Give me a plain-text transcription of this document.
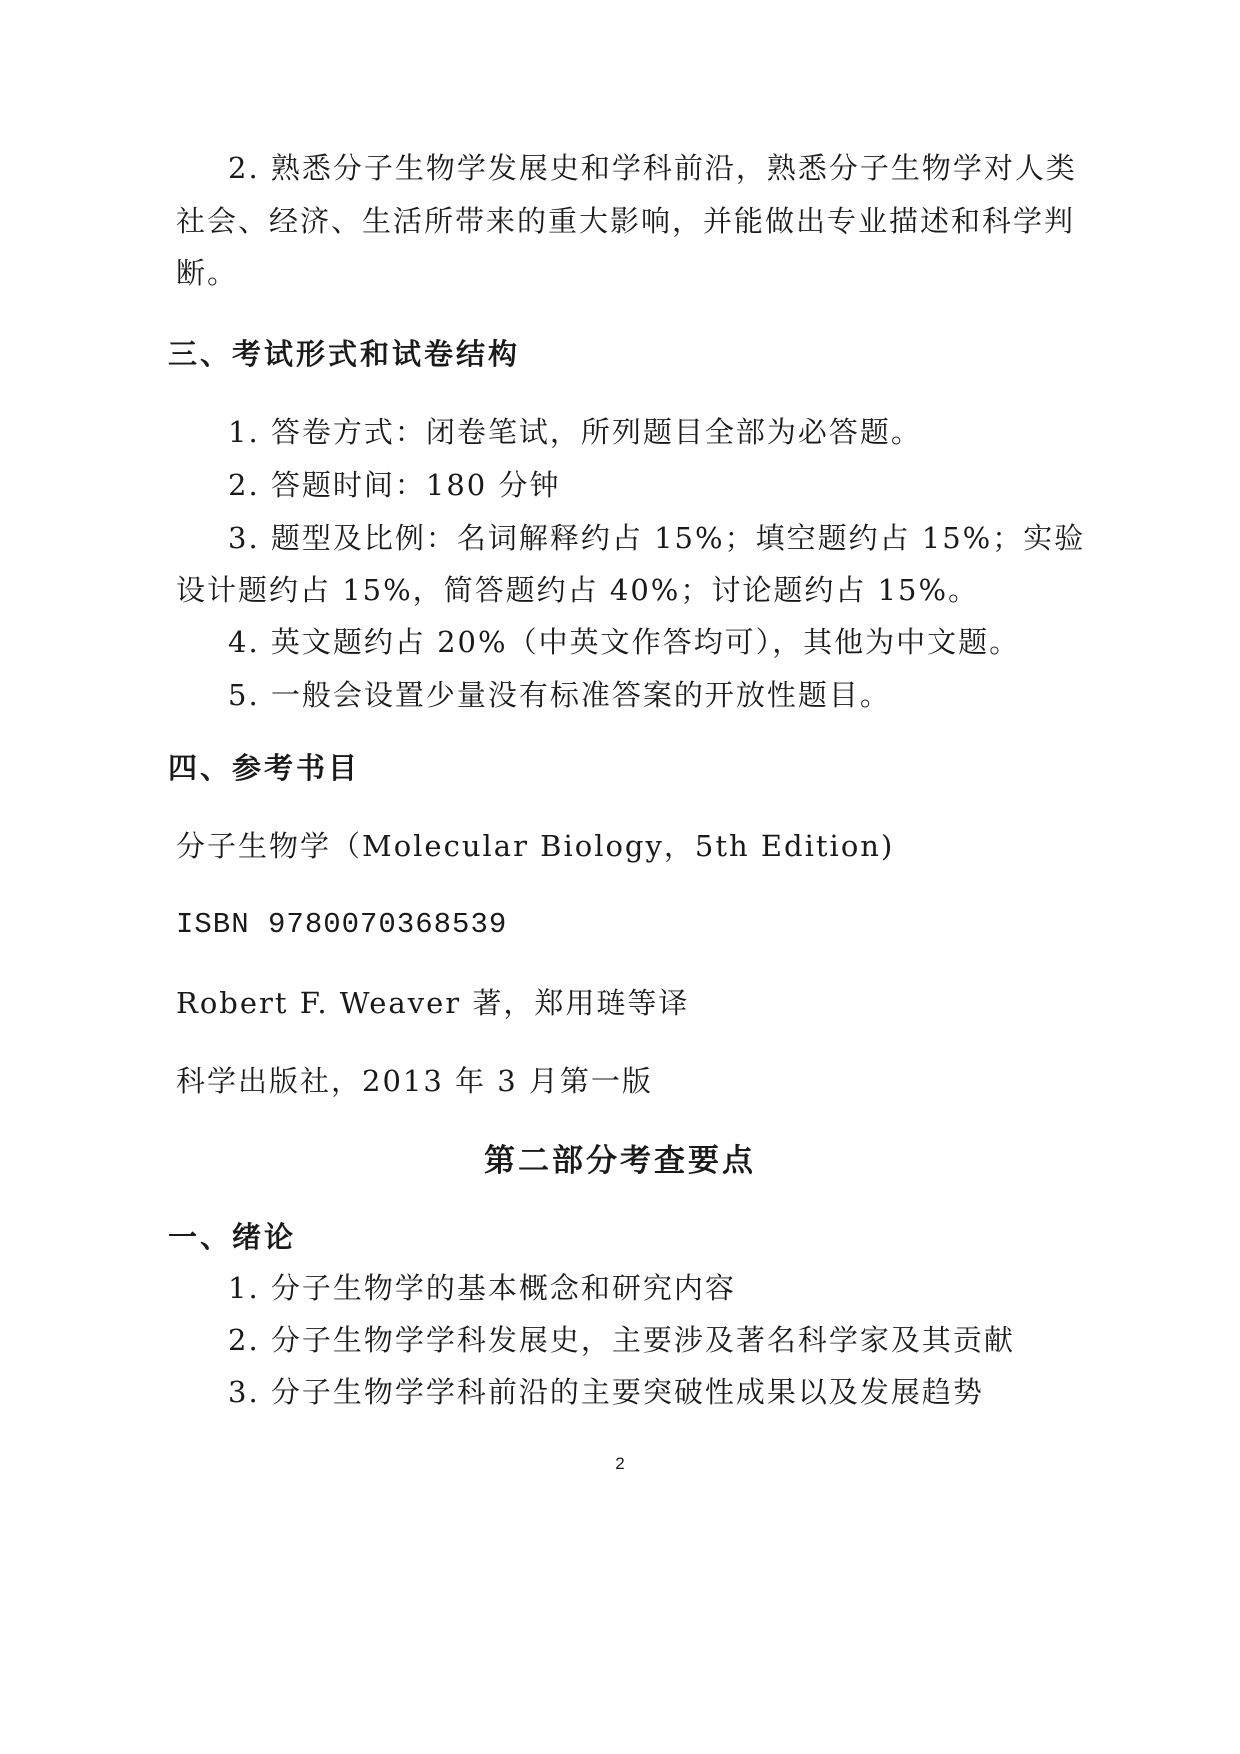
2. 熟悉分子生物学发展史和学科前沿，熟悉分子生物学对人类
社会、经济、生活所带来的重大影响，并能做出专业描述和科学判
断。
三、考试形式和试卷结构
1. 答卷方式：闭卷笔试，所列题目全部为必答题。
2. 答题时间：180 分钟
3. 题型及比例：名词解释约占 15%；填空题约占 15%；实验
设计题约占 15%，简答题约占 40%；讨论题约占 15%。
4. 英文题约占 20%（中英文作答均可），其他为中文题。
5. 一般会设置少量没有标准答案的开放性题目。
四、参考书目
分子生物学（Molecular Biology，5th Edition)
ISBN 9780070368539
Robert F. Weaver 著，郑用琏等译
科学出版社，2013 年 3 月第一版
第二部分考查要点
一、绪论
1. 分子生物学的基本概念和研究内容
2. 分子生物学学科发展史，主要涉及著名科学家及其贡献
3. 分子生物学学科前沿的主要突破性成果以及发展趋势
2
